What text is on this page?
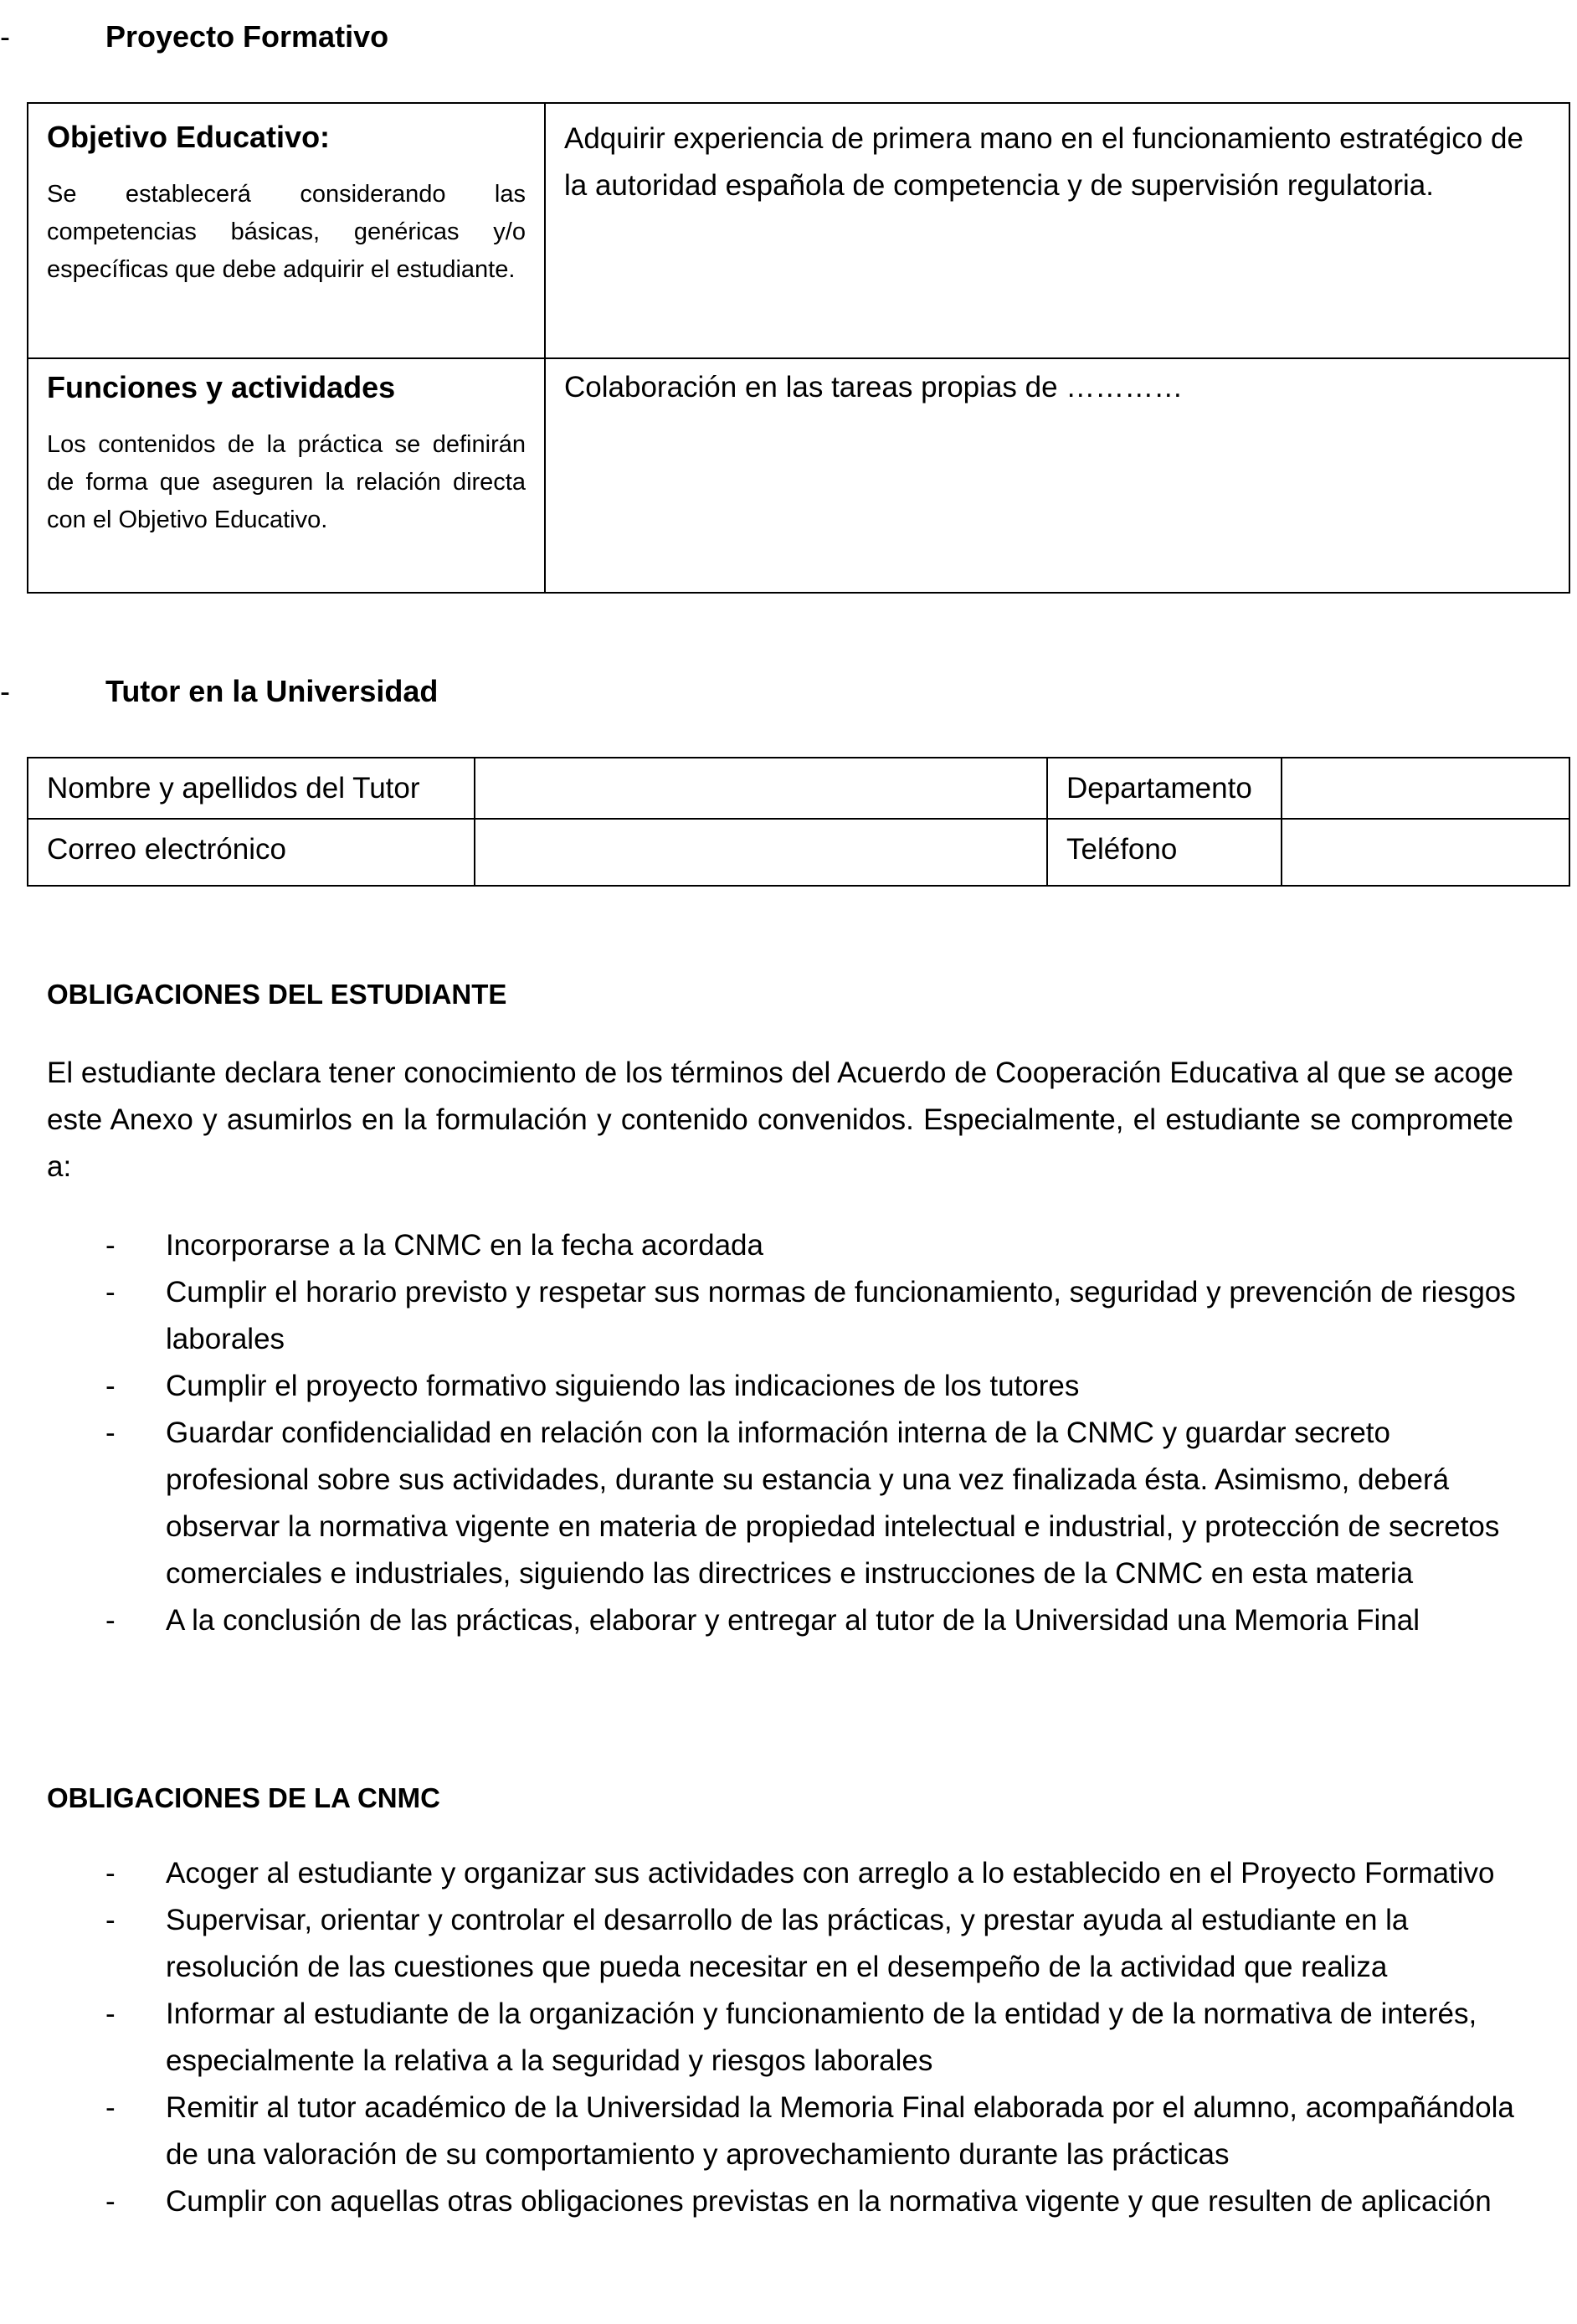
-	Proyecto Formativo
Objetivo Educativo:
Se establecerá considerando las competencias básicas, genéricas y/o específicas que debe adquirir el estudiante.	Adquirir experiencia de primera mano en el funcionamiento estratégico de la autoridad española de competencia y de supervisión regulatoria.

Funciones y actividades
Los contenidos de la práctica se definirán de forma que aseguren la relación directa con el Objetivo Educativo.	Colaboración en las tareas propias de …………
-	Tutor en la Universidad
Nombre y apellidos del Tutor		Departamento	

Correo electrónico		Teléfono	

OBLIGACIONES DEL ESTUDIANTE
El estudiante declara tener conocimiento de los términos del Acuerdo de Cooperación Educativa al que se acoge este Anexo y asumirlos en la formulación y contenido convenidos. Especialmente, el estudiante se compromete a:
- Incorporarse a la CNMC en la fecha acordada
- Cumplir el horario previsto y respetar sus normas de funcionamiento, seguridad y prevención de riesgos laborales
- Cumplir el proyecto formativo siguiendo las indicaciones de los tutores
- Guardar confidencialidad en relación con la información interna de la CNMC y guardar secreto profesional sobre sus actividades, durante su estancia y una vez finalizada ésta. Asimismo, deberá observar la normativa vigente en materia de propiedad intelectual e industrial, y protección de secretos comerciales e industriales, siguiendo las directrices e instrucciones de la CNMC en esta materia
- A la conclusión de las prácticas, elaborar y entregar al tutor de la Universidad una Memoria Final
OBLIGACIONES DE LA CNMC
- Acoger al estudiante y organizar sus actividades con arreglo a lo establecido en el Proyecto Formativo
- Supervisar, orientar y controlar el desarrollo de las prácticas, y prestar ayuda al estudiante en la resolución de las cuestiones que pueda necesitar en el desempeño de la actividad que realiza
- Informar al estudiante de la organización y funcionamiento de la entidad y de la normativa de interés, especialmente la relativa a la seguridad y riesgos laborales
- Remitir al tutor académico de la Universidad la Memoria Final elaborada por el alumno, acompañándola de una valoración de su comportamiento y aprovechamiento durante las prácticas
- Cumplir con aquellas otras obligaciones previstas en la normativa vigente y que resulten de aplicación
